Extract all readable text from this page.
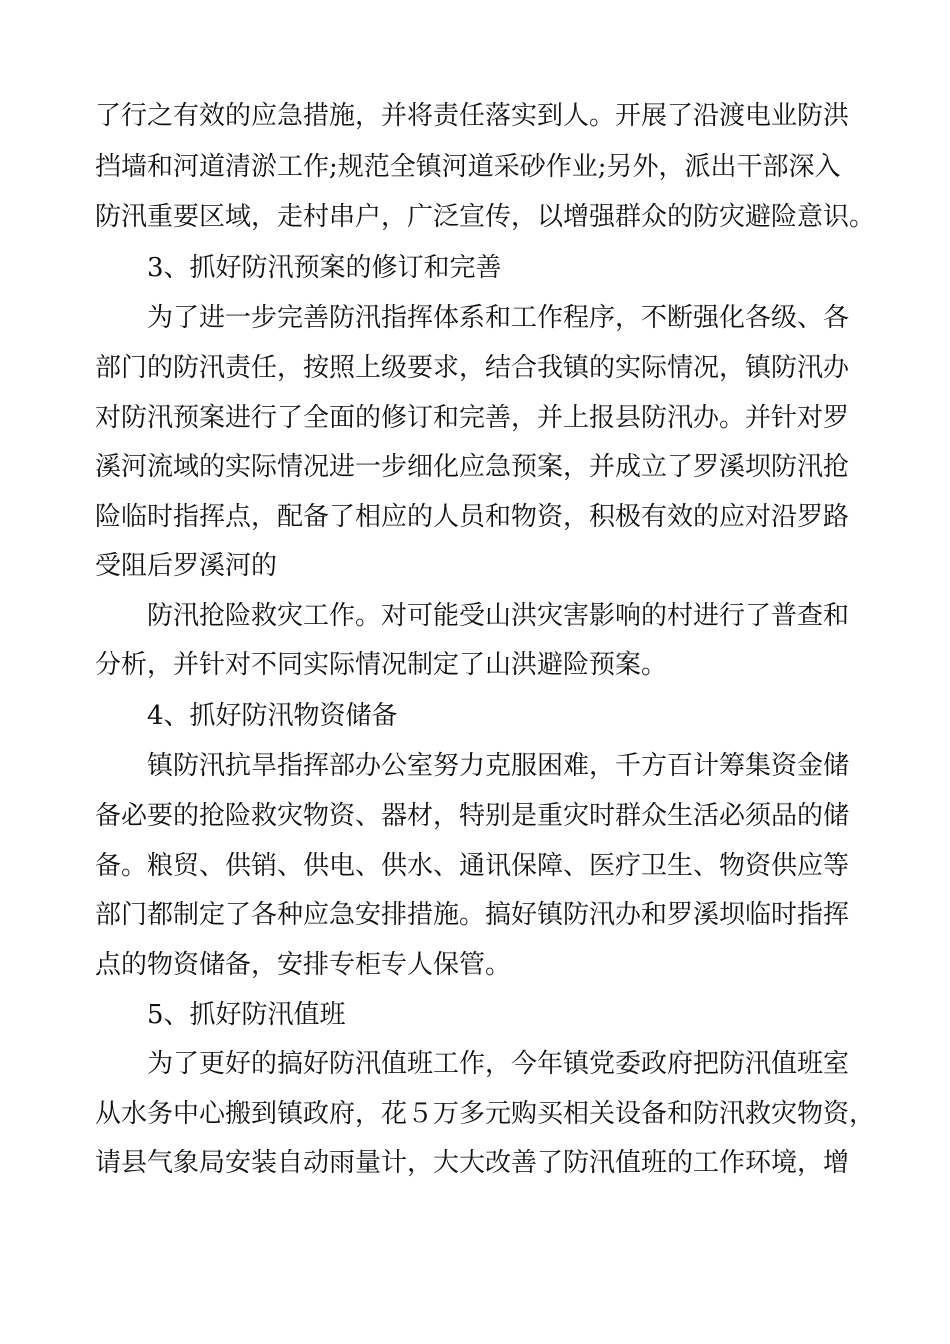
了行之有效的应急措施，并将责任落实到人。开展了沿渡电业防洪

挡墙和河道清淤工作;规范全镇河道采砂作业;另外，派出干部深入

防汛重要区域，走村串户，广泛宣传，以增强群众的防灾避险意识。

3、抓好防汛预案的修订和完善

为了进一步完善防汛指挥体系和工作程序，不断强化各级、各

部门的防汛责任，按照上级要求，结合我镇的实际情况，镇防汛办

对防汛预案进行了全面的修订和完善，并上报县防汛办。并针对罗

溪河流域的实际情况进一步细化应急预案，并成立了罗溪坝防汛抢

险临时指挥点，配备了相应的人员和物资，积极有效的应对沿罗路

受阻后罗溪河的

防汛抢险救灾工作。对可能受山洪灾害影响的村进行了普查和

分析，并针对不同实际情况制定了山洪避险预案。

4、抓好防汛物资储备

镇防汛抗旱指挥部办公室努力克服困难，千方百计筹集资金储

备必要的抢险救灾物资、器材，特别是重灾时群众生活必须品的储

备。粮贸、供销、供电、供水、通讯保障、医疗卫生、物资供应等

部门都制定了各种应急安排措施。搞好镇防汛办和罗溪坝临时指挥

点的物资储备，安排专柜专人保管。

5、抓好防汛值班

为了更好的搞好防汛值班工作，今年镇党委政府把防汛值班室

从水务中心搬到镇政府，花５万多元购买相关设备和防汛救灾物资，

请县气象局安装自动雨量计，大大改善了防汛值班的工作环境，增
